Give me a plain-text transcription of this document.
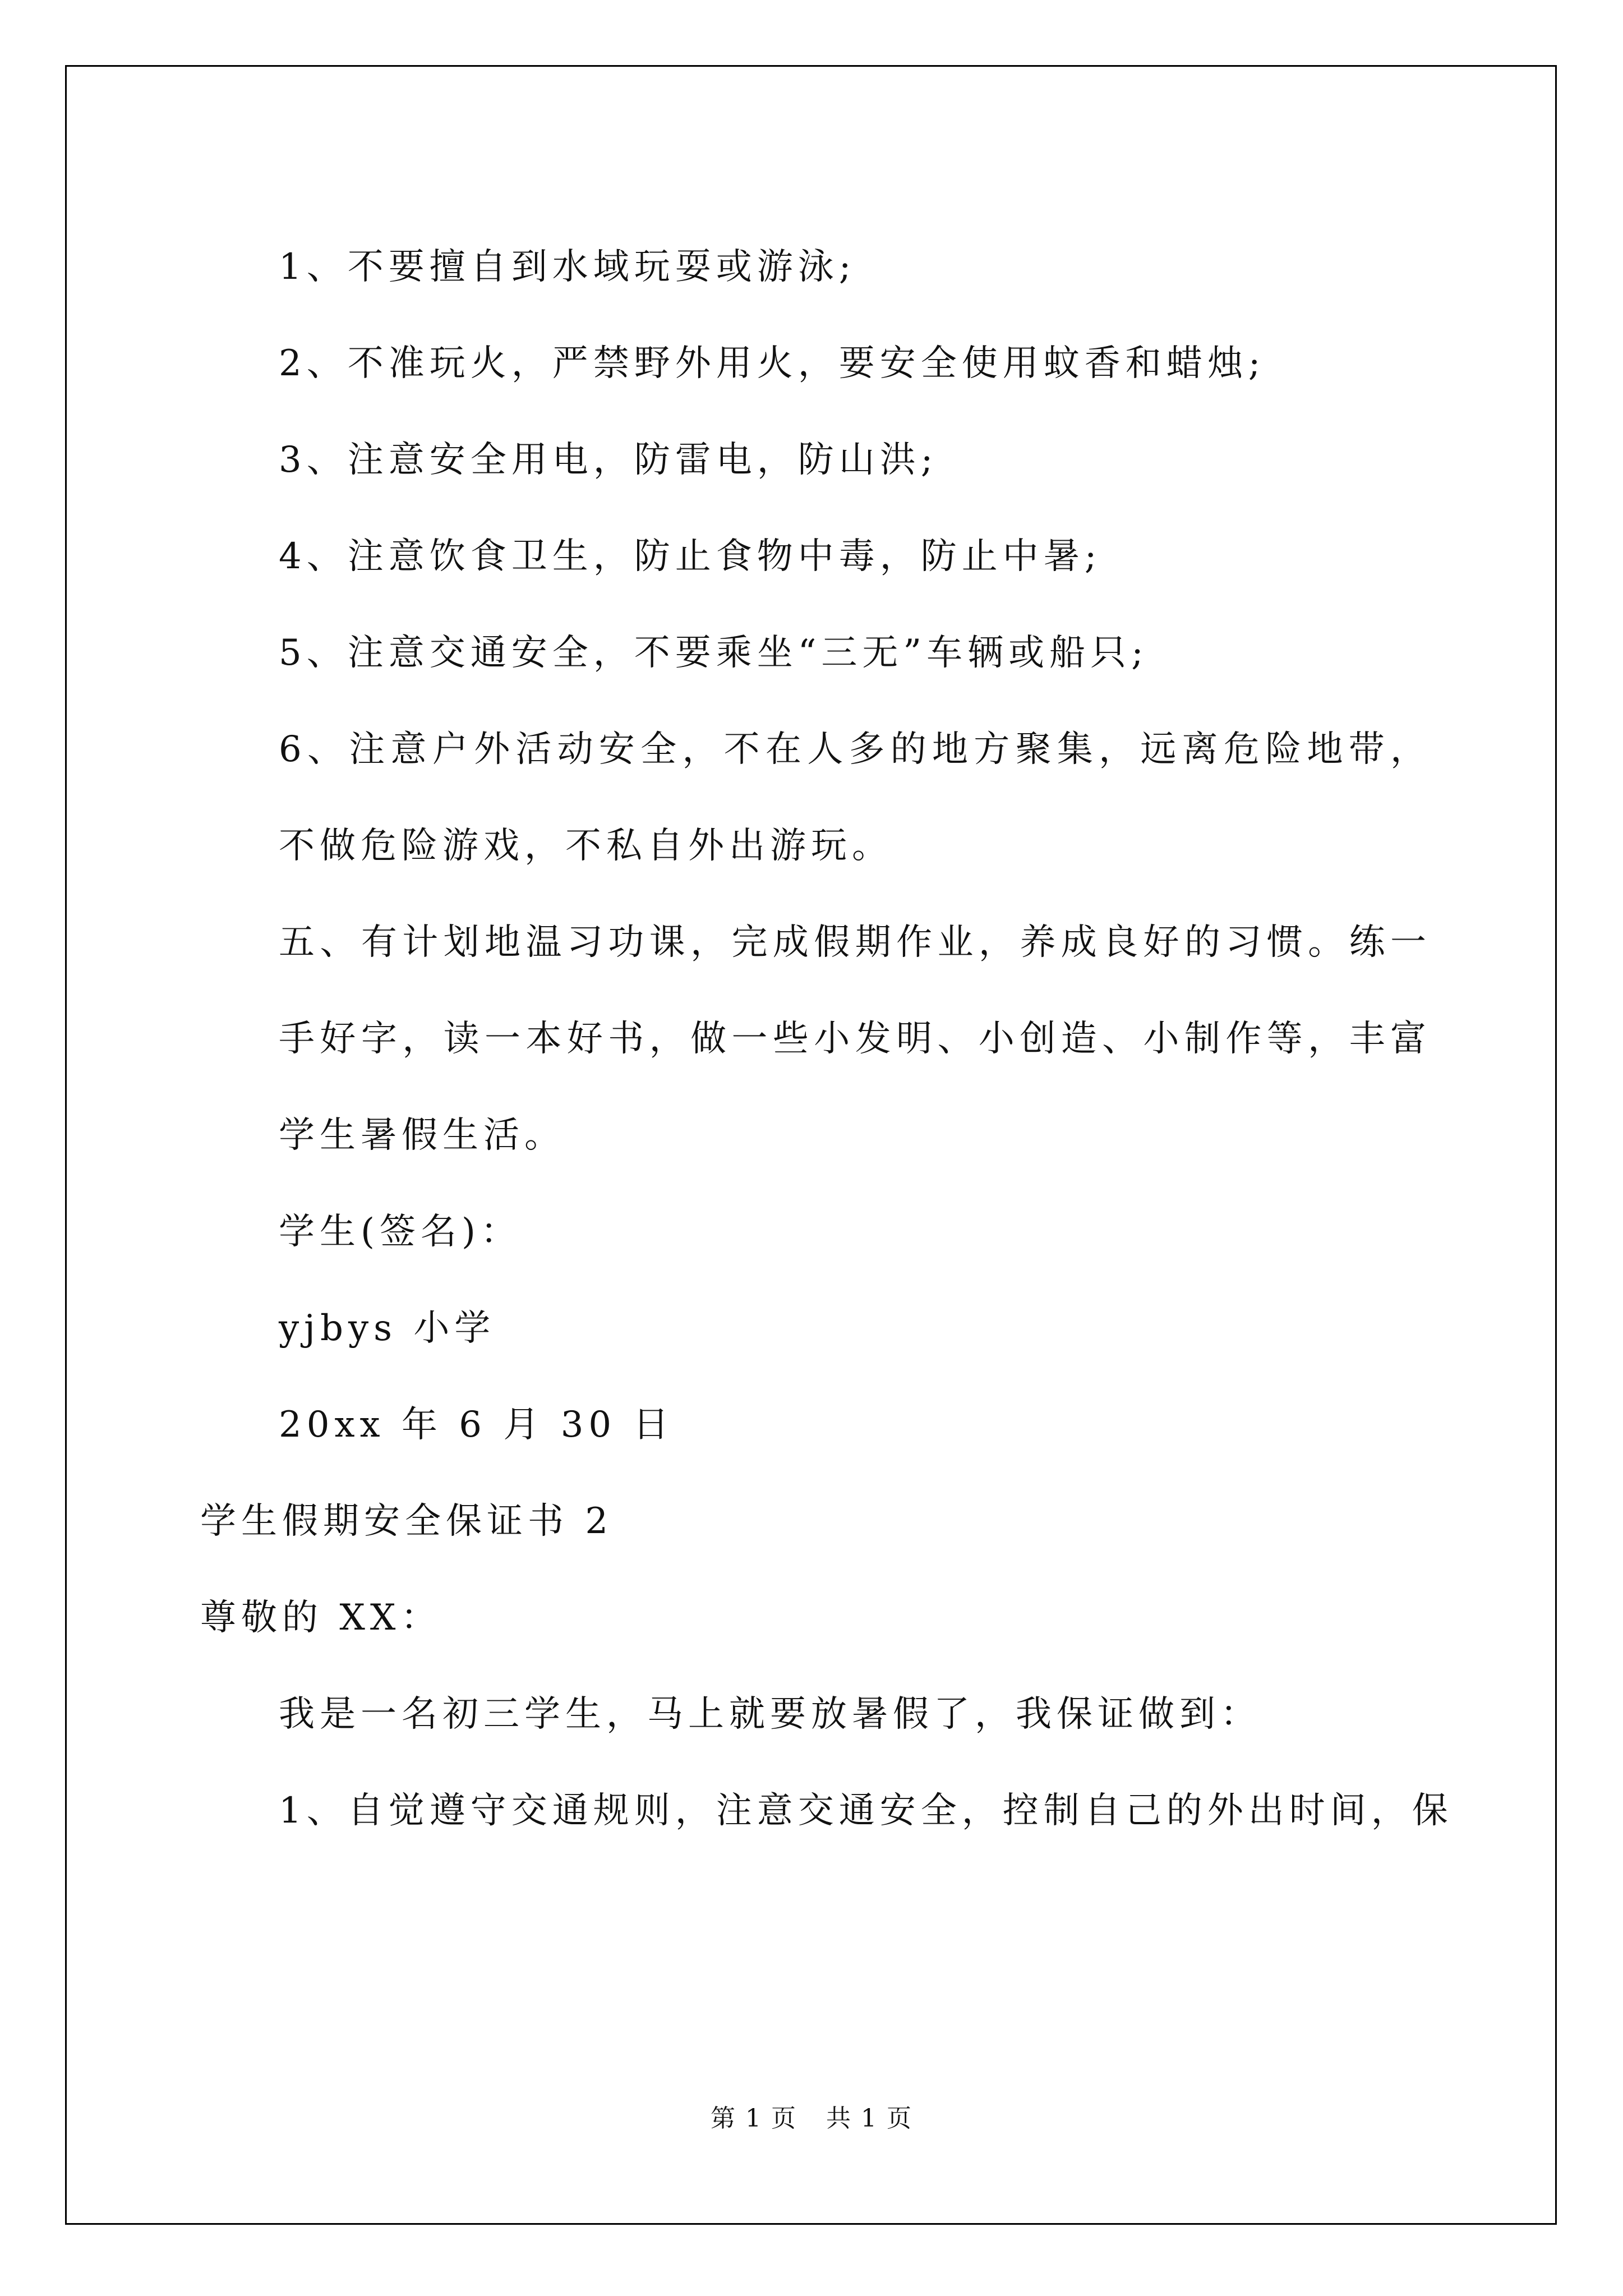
1、不要擅自到水域玩耍或游泳;

2、不准玩火，严禁野外用火，要安全使用蚊香和蜡烛;

3、注意安全用电，防雷电，防山洪;

4、注意饮食卫生，防止食物中毒，防止中暑;

5、注意交通安全，不要乘坐“三无”车辆或船只;

6、注意户外活动安全，不在人多的地方聚集，远离危险地带，不做危险游戏，不私自外出游玩。

五、有计划地温习功课，完成假期作业，养成良好的习惯。练一手好字，读一本好书，做一些小发明、小创造、小制作等，丰富学生暑假生活。

学生(签名)：

yjbys 小学

20xx 年 6 月 30 日

学生假期安全保证书 2

尊敬的 XX：

我是一名初三学生，马上就要放暑假了，我保证做到：

1、自觉遵守交通规则，注意交通安全，控制自己的外出时间，保

第 1 页 共 1 页
